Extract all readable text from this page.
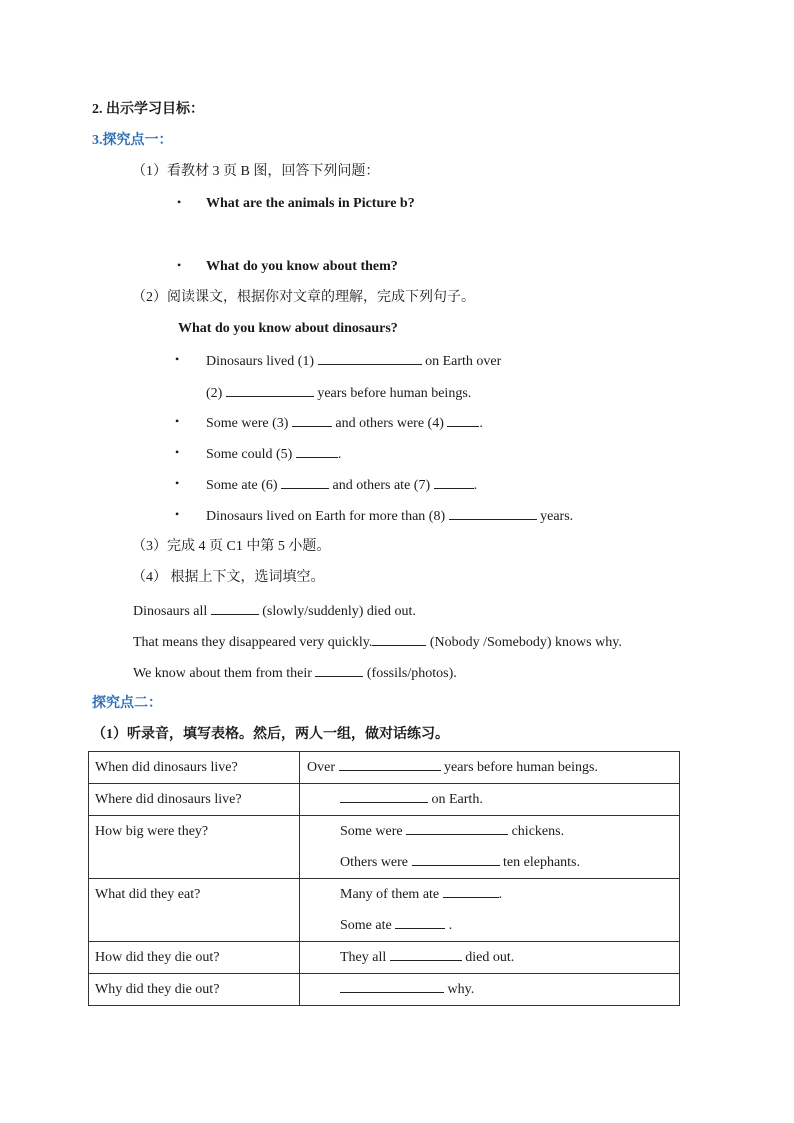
2. 出示学习目标：
3.探究点一：
（1）看教材 3 页 B 图，回答下列问题：
• What are the animals in Picture b?
• What do you know about them?
（2）阅读课文，根据你对文章的理解，完成下列句子。
What do you know about dinosaurs?
• Dinosaurs lived (1)	on Earth over
(2)	years before human beings.
• Some were (3)	and others were (4)	.
• Some could (5)	.
• Some ate (6)	and others ate (7)	.
• Dinosaurs lived on Earth for more than (8)	years.
（3）完成 4 页 C1 中第 5 小题。
（4） 根据上下文，选词填空。
Dinosaurs all	(slowly/suddenly) died out.
That means they disappeared very quickly.	(Nobody /Somebody) knows why.
We know about them from their	(fossils/photos).
探究点二：
（1）听录音，填写表格。然后，两人一组，做对话练习。
When did dinosaurs live?	Over years before human beings.

Where did dinosaurs live?	on Earth.

How big were they?	Some were chickens.
Others were ten elephants.

What did they eat?	Many of them ate .
Some ate .

How did they die out?	They all died out.

Why did they die out?	why.
